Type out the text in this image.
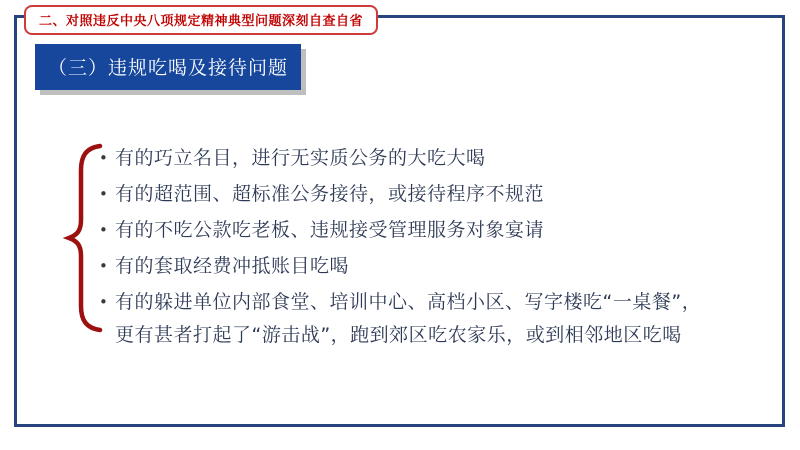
二、对照违反中央八项规定精神典型问题深刻自查自省
（三）违规吃喝及接待问题
• 有的巧立名目，进行无实质公务的大吃大喝
• 有的超范围、超标准公务接待，或接待程序不规范
• 有的不吃公款吃老板、违规接受管理服务对象宴请
• 有的套取经费冲抵账目吃喝
• 有的躲进单位内部食堂、培训中心、高档小区、写字楼吃“一桌餐”，
更有甚者打起了“游击战”，跑到郊区吃农家乐，或到相邻地区吃喝
